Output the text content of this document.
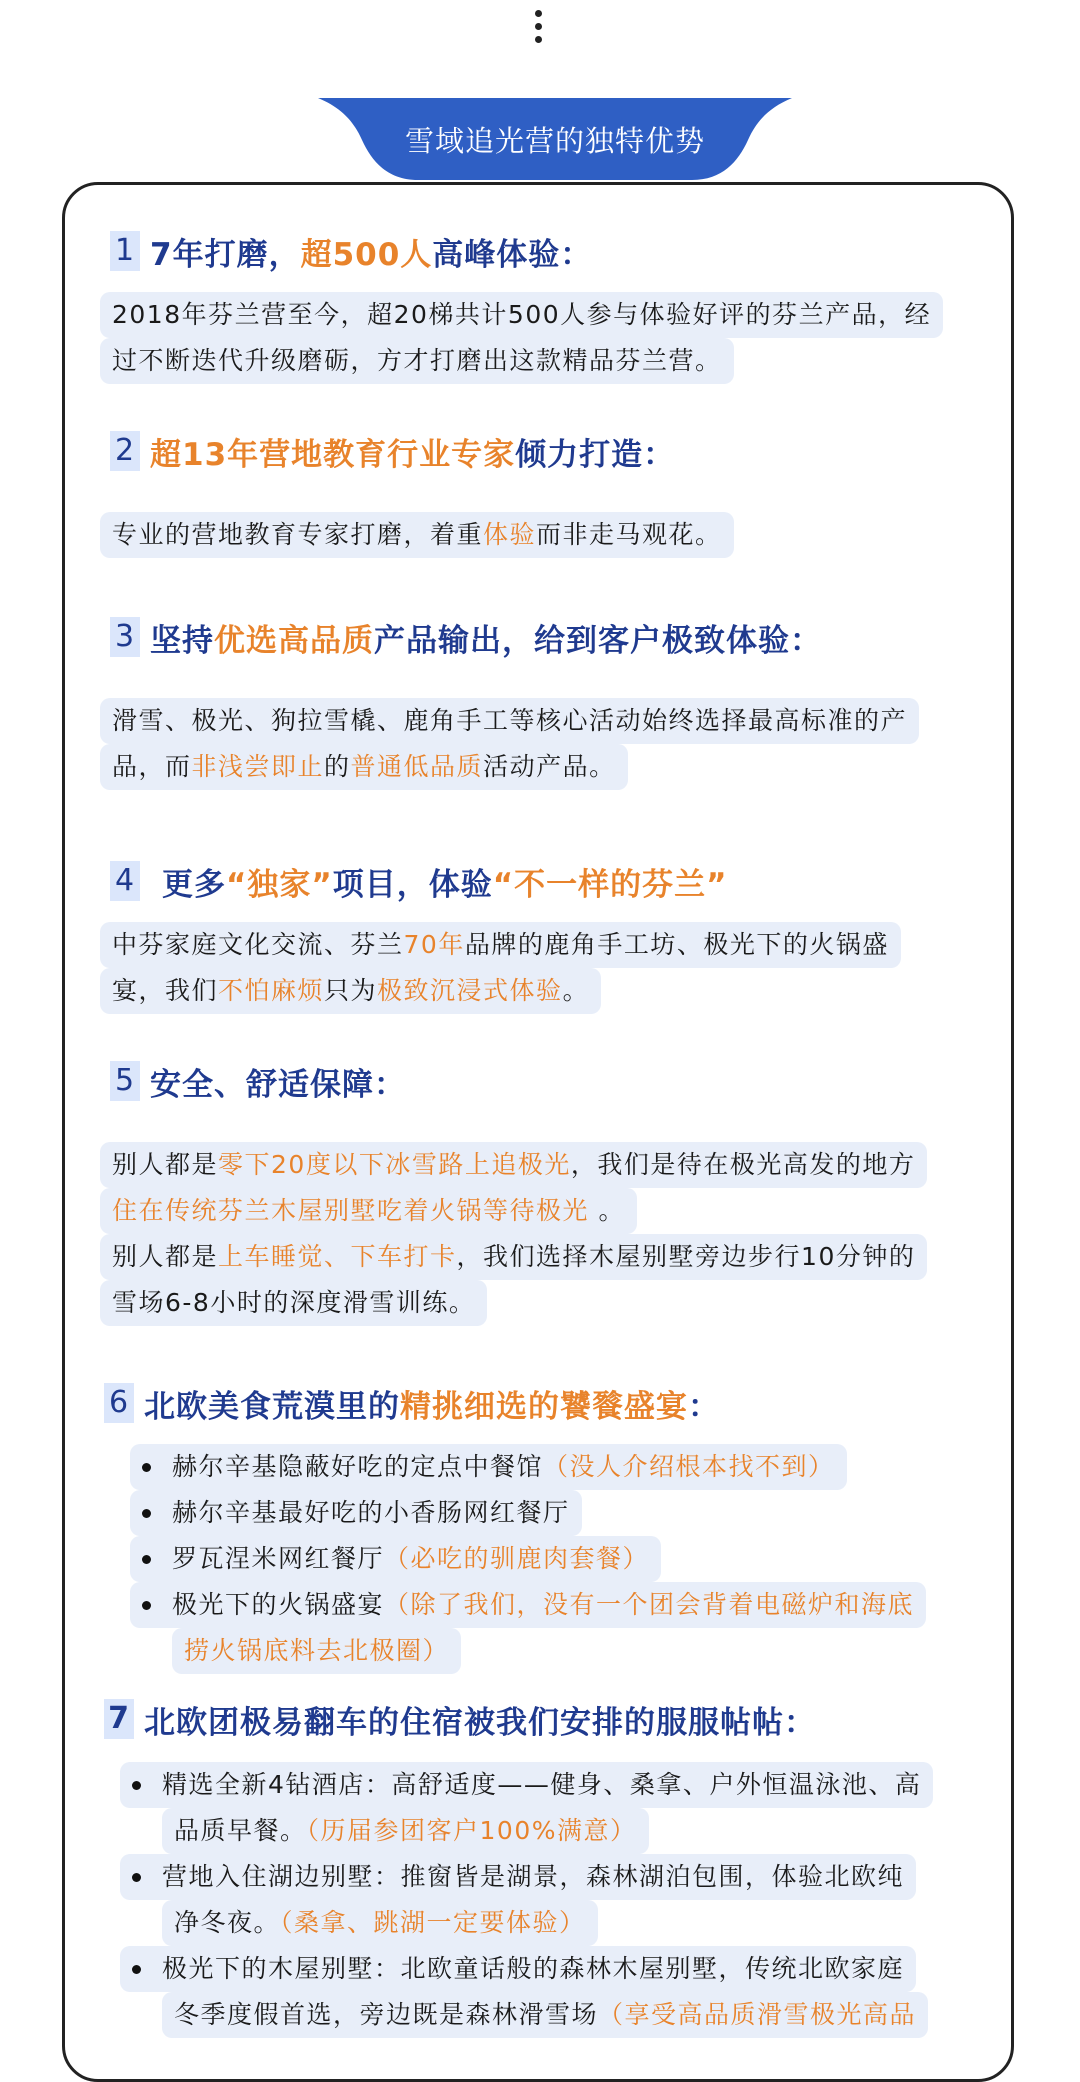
雪域追光营的独特优势
1 7年打磨， 超500人 高峰体验：
2018年芬兰营至今，超20梯共计500人参与体验好评的芬兰产品，经
过不断迭代升级磨砺，方才打磨出这款精品芬兰营。
2 超13年营地教育行业专家 倾力打造：
专业的营地教育专家打磨，着重体验而非走马观花。
3 坚持 优选高品质 产品输出，给到客户极致体验：
滑雪、极光、狗拉雪橇、鹿角手工等核心活动始终选择最高标准的产
品，而非浅尝即止的普通低品质活动产品。
4 更多 “独家” 项目，体验 “不一样的芬兰”
中芬家庭文化交流、芬兰70年品牌的鹿角手工坊、极光下的火锅盛
宴，我们不怕麻烦只为极致沉浸式体验。
5 安全、舒适保障：
别人都是零下20度以下冰雪路上追极光，我们是待在极光高发的地方
住在传统芬兰木屋别墅吃着火锅等待极光 。
别人都是上车睡觉、下车打卡，我们选择木屋别墅旁边步行10分钟的
雪场6-8小时的深度滑雪训练。
6 北欧美食荒漠里的 精挑细选的饕餮盛宴 ：
赫尔辛基隐蔽好吃的定点中餐馆（没人介绍根本找不到）
赫尔辛基最好吃的小香肠网红餐厅
罗瓦涅米网红餐厅（必吃的驯鹿肉套餐）
极光下的火锅盛宴（除了我们，没有一个团会背着电磁炉和海底
捞火锅底料去北极圈）
7 北欧团极易翻车的住宿被我们安排的服服帖帖：
精选全新4钻酒店：高舒适度——健身、桑拿、户外恒温泳池、高
品质早餐。（历届参团客户100%满意）
营地入住湖边别墅：推窗皆是湖景，森林湖泊包围，体验北欧纯
净冬夜。（桑拿、跳湖一定要体验）
极光下的木屋别墅：北欧童话般的森林木屋别墅，传统北欧家庭
冬季度假首选，旁边既是森林滑雪场（享受高品质滑雪极光高品
